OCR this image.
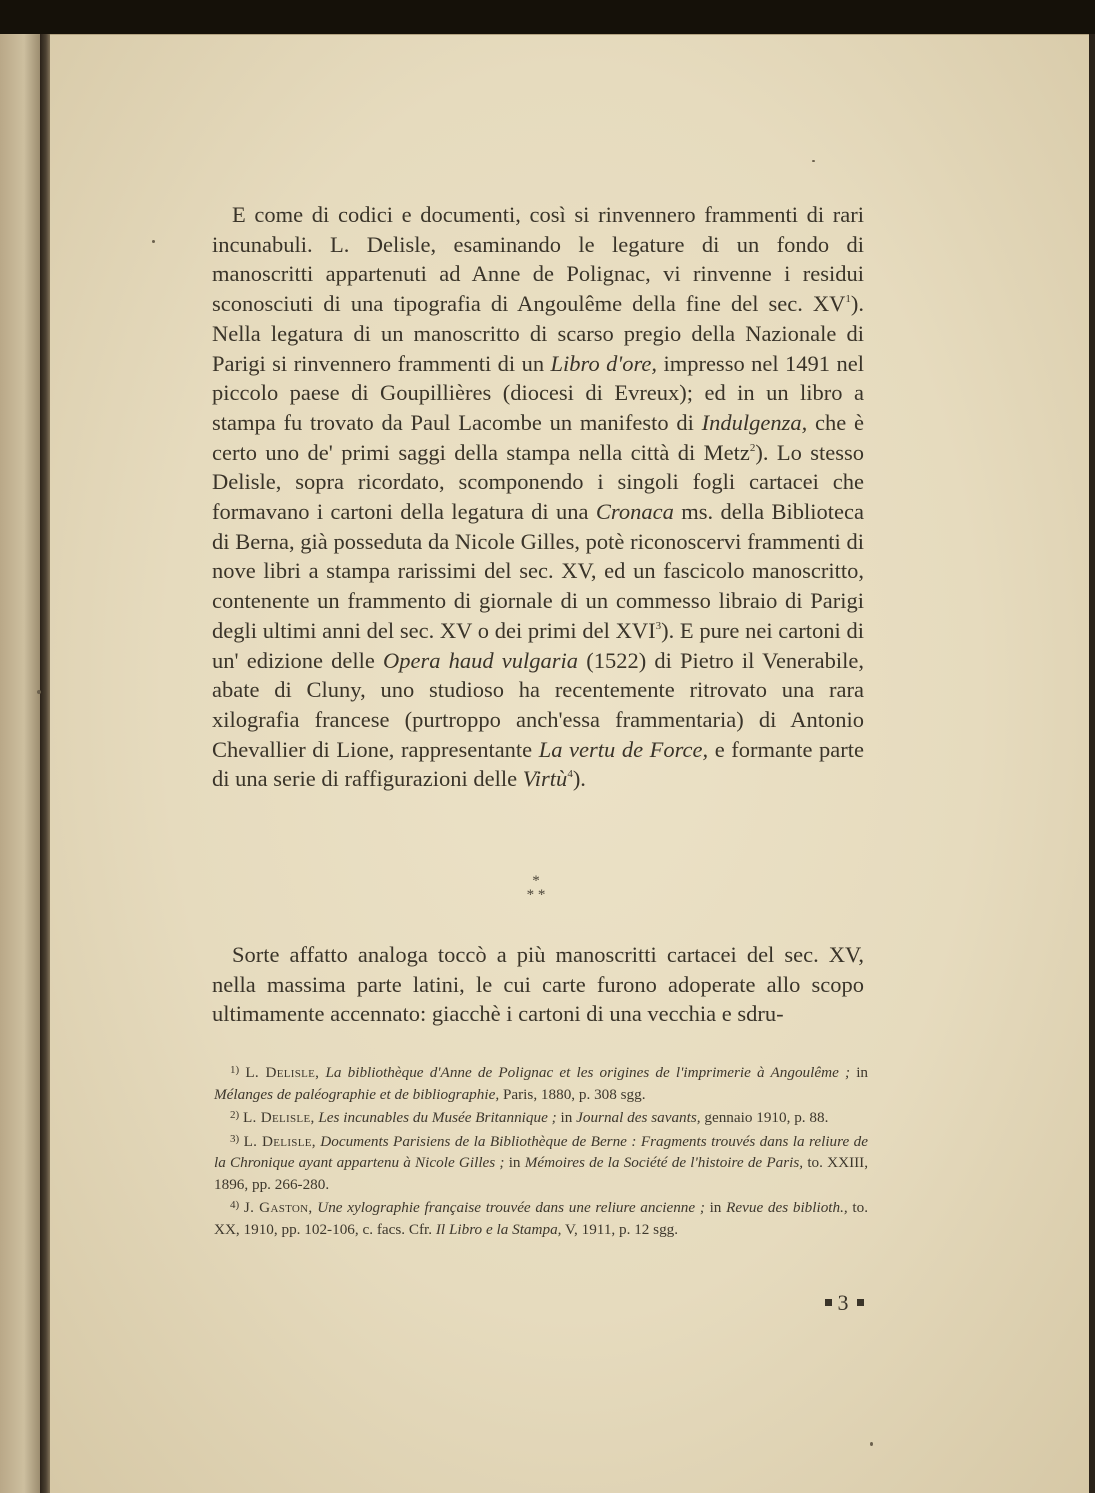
E come di codici e documenti, così si rinvennero frammenti di rari incunabuli. L. Delisle, esaminando le legature di un fondo di manoscritti appartenuti ad Anne de Polignac, vi rinvenne i residui sconosciuti di una tipografia di Angoulême della fine del sec. $XV^1$). Nella legatura di un manoscritto di scarso pregio della Nazionale di Parigi si rinvennero frammenti di un Libro d'ore, impresso nel 1491 nel piccolo paese di Goupillières (diocesi di Evreux); ed in un libro a stampa fu trovato da Paul Lacombe un manifesto di Indulgenza, che è certo uno de' primi saggi della stampa nella città di Metz$^2$). Lo stesso Delisle, sopra ricordato, scomponendo i singoli fogli cartacei che formavano i cartoni della legatura di una Cronaca ms. della Biblioteca di Berna, già posseduta da Nicole Gilles, potè riconoscervi frammenti di nove libri a stampa rarissimi del sec. XV, ed un fascicolo manoscritto, contenente un frammento di giornale di un commesso libraio di Parigi degli ultimi anni del sec. XV o dei primi del XVI$^3$). E pure nei cartoni di un' edizione delle Opera haud vulgaria (1522) di Pietro il Venerabile, abate di Cluny, uno studioso ha recentemente ritrovato una rara xilografia francese (purtroppo anch'essa frammentaria) di Antonio Chevallier di Lione, rappresentante La vertu de Force, e formante parte di una serie di raffigurazioni delle Virtù$^4$).

*
* *

Sorte affatto analoga toccò a più manoscritti cartacei del sec. XV, nella massima parte latini, le cui carte furono adoperate allo scopo ultimamente accennato: giacchè i cartoni di una vecchia e sdru-

$^{1)}$ L. Delisle, La bibliothèque d'Anne de Polignac et les origines de l'imprimerie à Angoulême ; in Mélanges de paléographie et de bibliographie, Paris, 1880, p. 308 sgg.

$^{2)}$ L. Delisle, Les incunables du Musée Britannique ; in Journal des savants, gennaio 1910, p. 88.

$^{3)}$ L. Delisle, Documents Parisiens de la Bibliothèque de Berne : Fragments trouvés dans la reliure de la Chronique ayant appartenu à Nicole Gilles ; in Mémoires de la Société de l'histoire de Paris, to. XXIII, 1896, pp. 266-280.

$^{4)}$ J. Gaston, Une xylographie française trouvée dans une reliure ancienne ; in Revue des biblioth., to. XX, 1910, pp. 102-106, c. facs. Cfr. Il Libro e la Stampa, V, 1911, p. 12 sgg.

3
